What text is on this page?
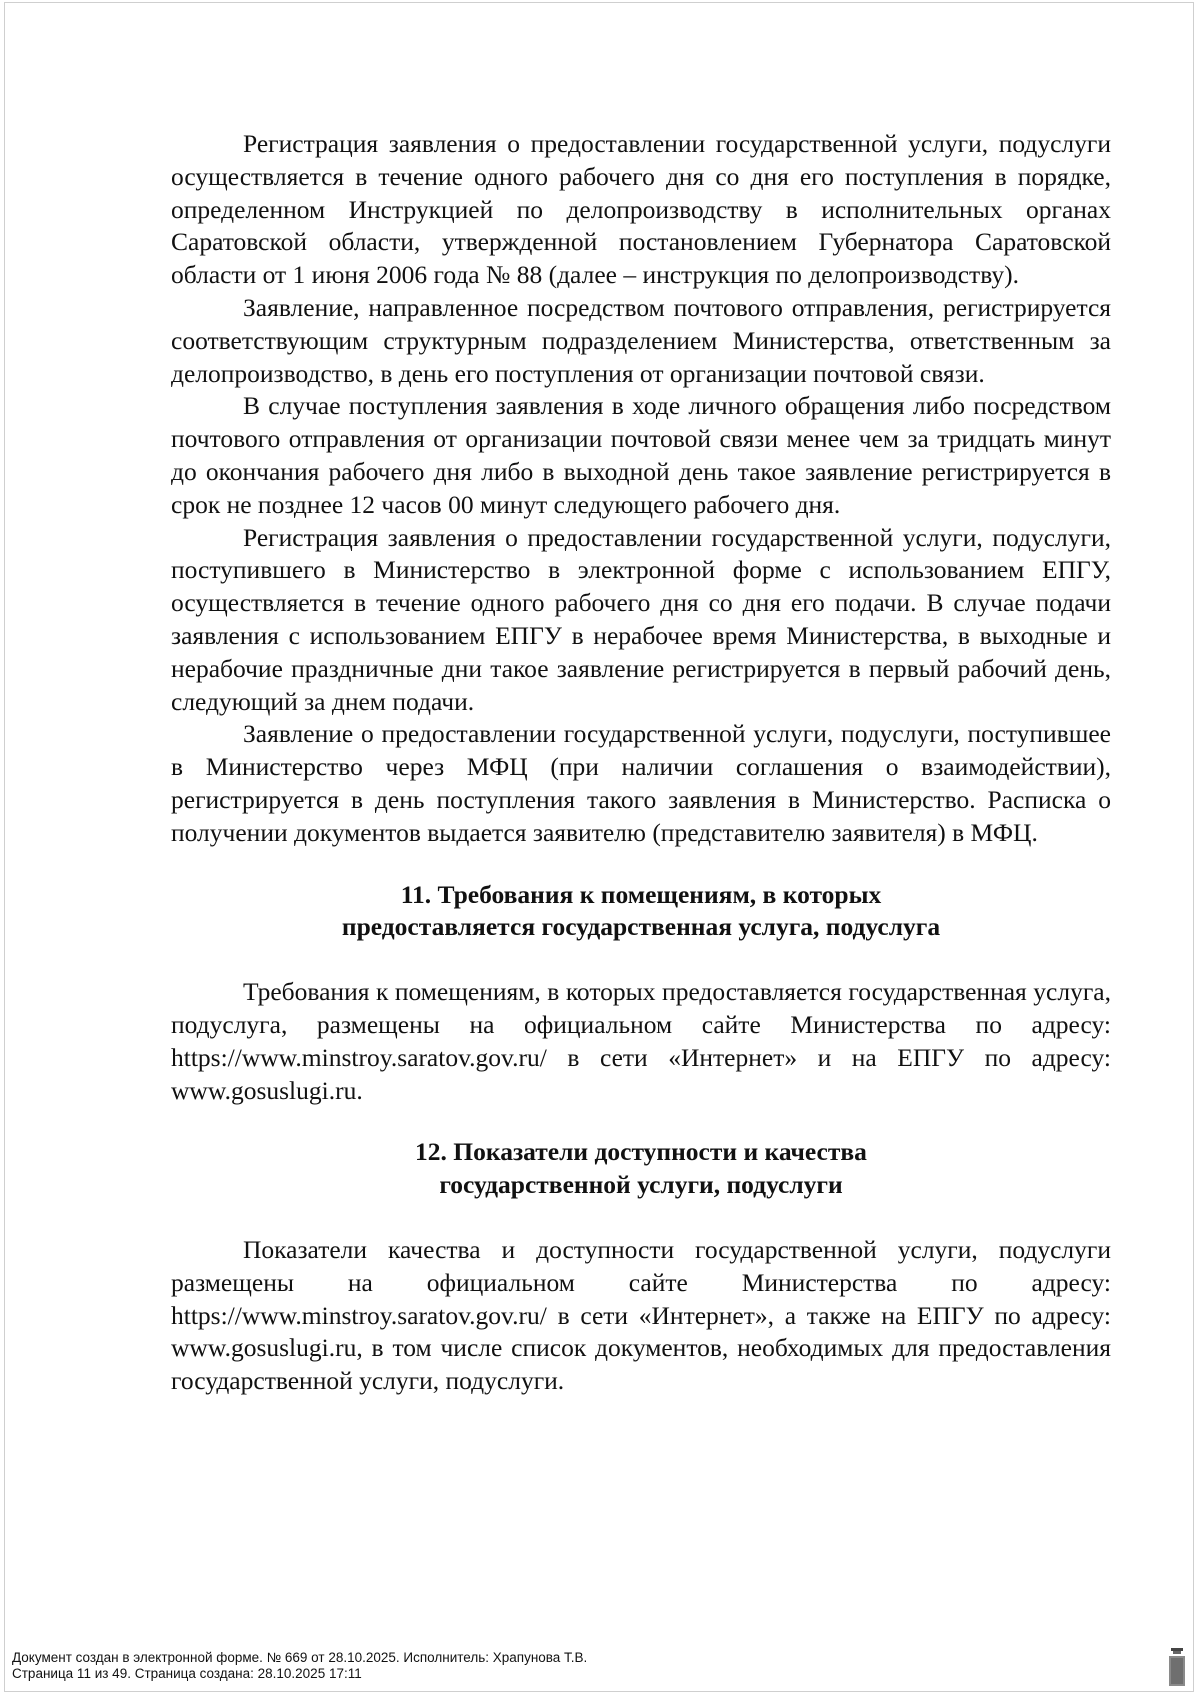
Регистрация заявления о предоставлении государственной услуги, подуслуги осуществляется в течение одного рабочего дня со дня его поступления в порядке, определенном Инструкцией по делопроизводству в исполнительных органах Саратовской области, утвержденной постановлением Губернатора Саратовской области от 1 июня 2006 года № 88 (далее – инструкция по делопроизводству).

Заявление, направленное посредством почтового отправления, регистрируется соответствующим структурным подразделением Министерства, ответственным за делопроизводство, в день его поступления от организации почтовой связи.

В случае поступления заявления в ходе личного обращения либо посредством почтового отправления от организации почтовой связи менее чем за тридцать минут до окончания рабочего дня либо в выходной день такое заявление регистрируется в срок не позднее 12 часов 00 минут следующего рабочего дня.

Регистрация заявления о предоставлении государственной услуги, подуслуги, поступившего в Министерство в электронной форме с использованием ЕПГУ, осуществляется в течение одного рабочего дня со дня его подачи. В случае подачи заявления с использованием ЕПГУ в нерабочее время Министерства, в выходные и нерабочие праздничные дни такое заявление регистрируется в первый рабочий день, следующий за днем подачи.

Заявление о предоставлении государственной услуги, подуслуги, поступившее в Министерство через МФЦ (при наличии соглашения о взаимодействии), регистрируется в день поступления такого заявления в Министерство. Расписка о получении документов выдается заявителю (представителю заявителя) в МФЦ.

11. Требования к помещениям, в которых

предоставляется государственная услуга, подуслуга

Требования к помещениям, в которых предоставляется государственная услуга, подуслуга, размещены на официальном сайте Министерства по адресу: https://www.minstroy.saratov.gov.ru/ в сети «Интернет» и на ЕПГУ по адресу: www.gosuslugi.ru.

12. Показатели доступности и качества

государственной услуги, подуслуги

Показатели качества и доступности государственной услуги, подуслуги размещены на официальном сайте Министерства по адресу: https://www.minstroy.saratov.gov.ru/ в сети «Интернет», а также на ЕПГУ по адресу: www.gosuslugi.ru, в том числе список документов, необходимых для предоставления государственной услуги, подуслуги.

Документ создан в электронной форме. № 669 от 28.10.2025. Исполнитель: Храпунова Т.В.
Страница 11 из 49. Страница создана: 28.10.2025 17:11
